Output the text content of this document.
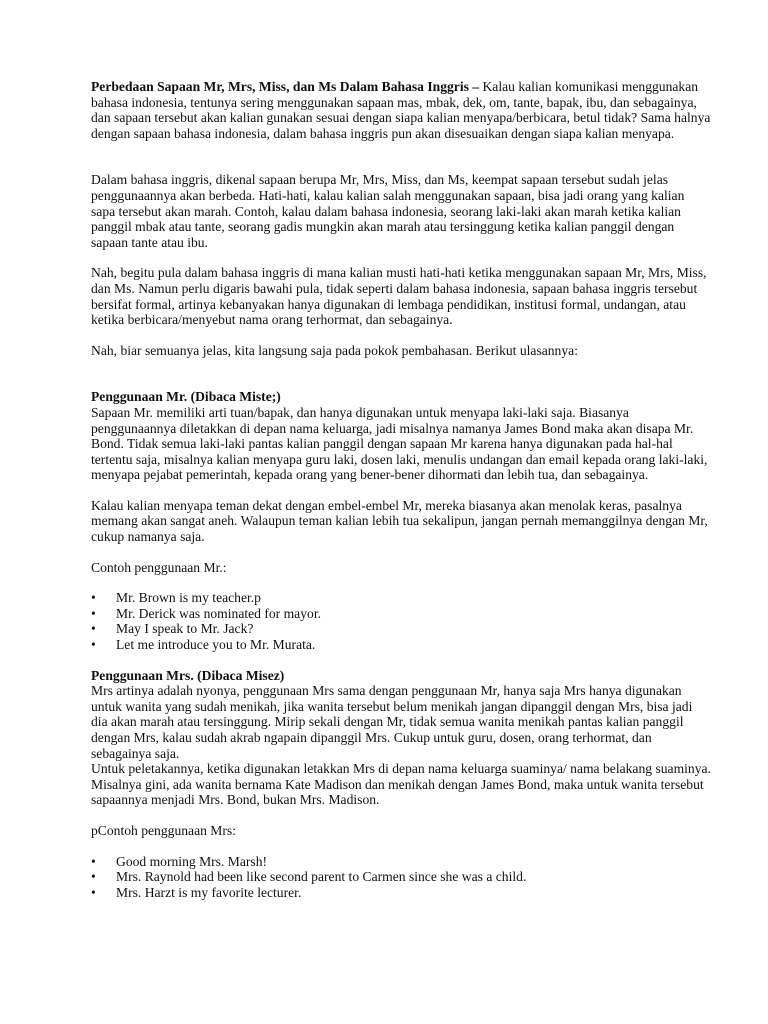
Perbedaan Sapaan Mr, Mrs, Miss, dan Ms Dalam Bahasa Inggris – Kalau kalian komunikasi menggunakan bahasa indonesia, tentunya sering menggunakan sapaan mas, mbak, dek, om, tante, bapak, ibu, dan sebagainya, dan sapaan tersebut akan kalian gunakan sesuai dengan siapa kalian menyapa/berbicara, betul tidak? Sama halnya dengan sapaan bahasa indonesia, dalam bahasa inggris pun akan disesuaikan dengan siapa kalian menyapa.

Dalam bahasa inggris, dikenal sapaan berupa Mr, Mrs, Miss, dan Ms, keempat sapaan tersebut sudah jelas penggunaannya akan berbeda. Hati-hati, kalau kalian salah menggunakan sapaan, bisa jadi orang yang kalian sapa tersebut akan marah. Contoh, kalau dalam bahasa indonesia, seorang laki-laki akan marah ketika kalian panggil mbak atau tante, seorang gadis mungkin akan marah atau tersinggung ketika kalian panggil dengan sapaan tante atau ibu.

Nah, begitu pula dalam bahasa inggris di mana kalian musti hati-hati ketika menggunakan sapaan Mr, Mrs, Miss, dan Ms. Namun perlu digaris bawahi pula, tidak seperti dalam bahasa indonesia, sapaan bahasa inggris tersebut bersifat formal, artinya kebanyakan hanya digunakan di lembaga pendidikan, institusi formal, undangan, atau ketika berbicara/menyebut nama orang terhormat, dan sebagainya.

Nah, biar semuanya jelas, kita langsung saja pada pokok pembahasan. Berikut ulasannya:

Penggunaan Mr. (Dibaca Miste;)

Sapaan Mr. memiliki arti tuan/bapak, dan hanya digunakan untuk menyapa laki-laki saja. Biasanya penggunaannya diletakkan di depan nama keluarga, jadi misalnya namanya James Bond maka akan disapa Mr. Bond. Tidak semua laki-laki pantas kalian panggil dengan sapaan Mr karena hanya digunakan pada hal-hal tertentu saja, misalnya kalian menyapa guru laki, dosen laki, menulis undangan dan email kepada orang laki-laki, menyapa pejabat pemerintah, kepada orang yang bener-bener dihormati dan lebih tua, dan sebagainya.

Kalau kalian menyapa teman dekat dengan embel-embel Mr, mereka biasanya akan menolak keras, pasalnya memang akan sangat aneh. Walaupun teman kalian lebih tua sekalipun, jangan pernah memanggilnya dengan Mr, cukup namanya saja.

Contoh penggunaan Mr.:

• Mr. Brown is my teacher.p
• Mr. Derick was nominated for mayor.
• May I speak to Mr. Jack?
• Let me introduce you to Mr. Murata.

Penggunaan Mrs. (Dibaca Misez)

Mrs artinya adalah nyonya, penggunaan Mrs sama dengan penggunaan Mr, hanya saja Mrs hanya digunakan untuk wanita yang sudah menikah, jika wanita tersebut belum menikah jangan dipanggil dengan Mrs, bisa jadi dia akan marah atau tersinggung. Mirip sekali dengan Mr, tidak semua wanita menikah pantas kalian panggil dengan Mrs, kalau sudah akrab ngapain dipanggil Mrs. Cukup untuk guru, dosen, orang terhormat, dan sebagainya saja.

Untuk peletakannya, ketika digunakan letakkan Mrs di depan nama keluarga suaminya/ nama belakang suaminya. Misalnya gini, ada wanita bernama Kate Madison dan menikah dengan James Bond, maka untuk wanita tersebut sapaannya menjadi Mrs. Bond, bukan Mrs. Madison.

pContoh penggunaan Mrs:

• Good morning Mrs. Marsh!
• Mrs. Raynold had been like second parent to Carmen since she was a child.
• Mrs. Harzt is my favorite lecturer.
